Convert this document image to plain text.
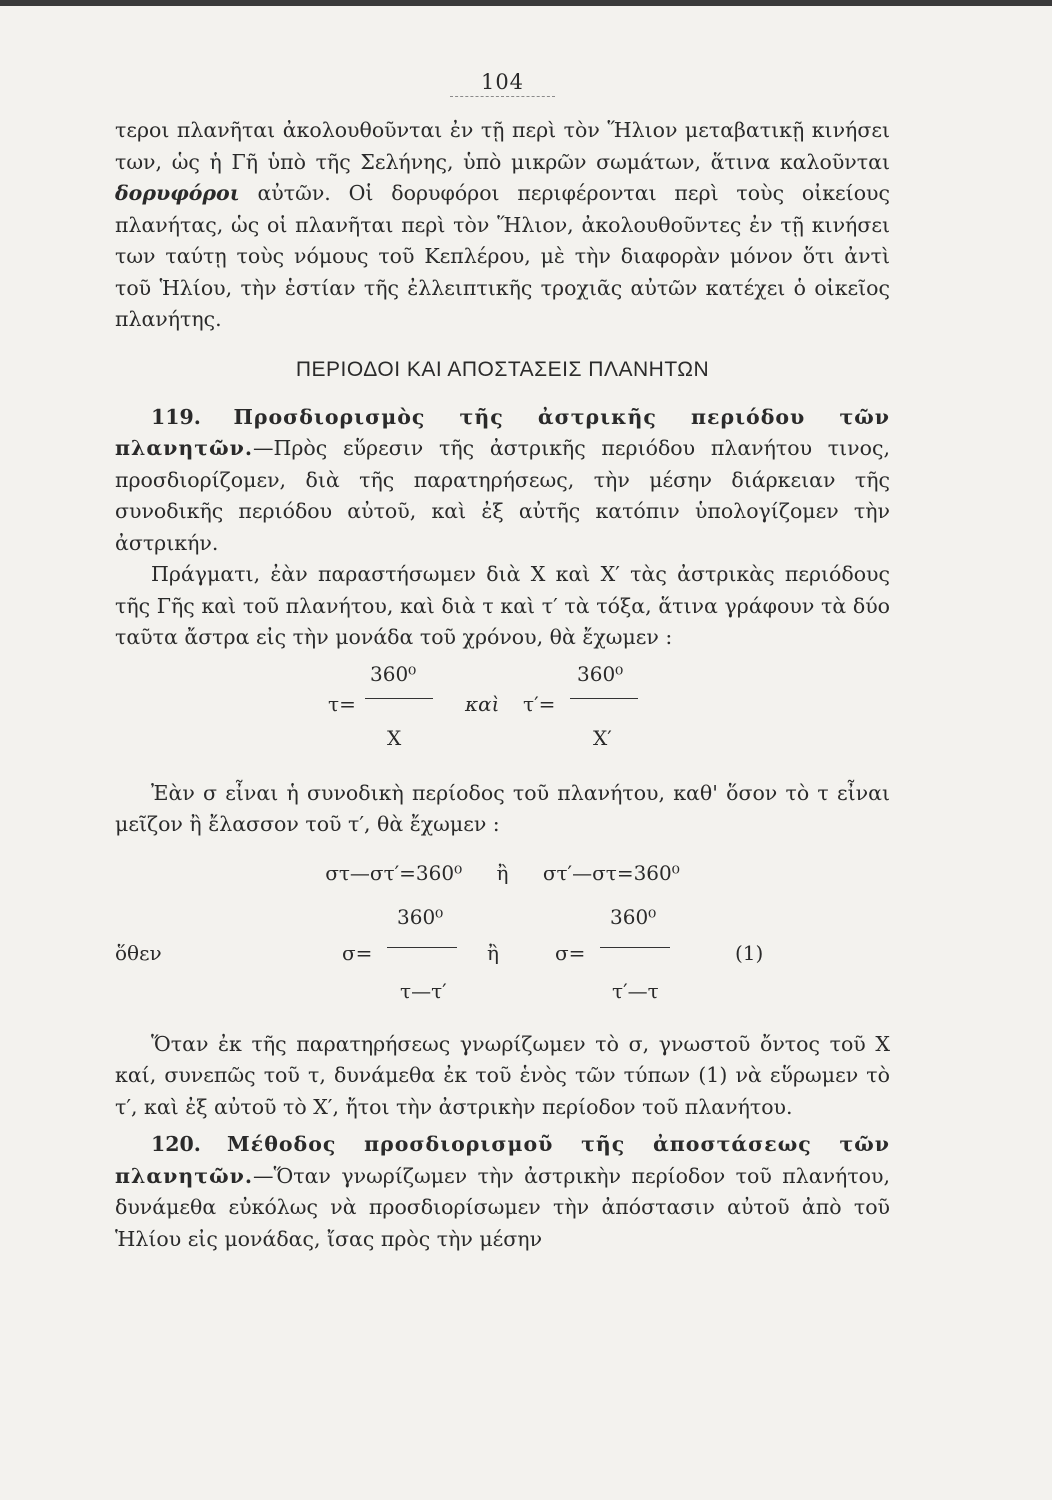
104

τεροι πλανῆται ἀκολουθοῦνται ἐν τῇ περὶ τὸν Ἥλιον μεταβατικῇ κινήσει των, ὡς ἡ Γῆ ὑπὸ τῆς Σελήνης, ὑπὸ μικρῶν σωμάτων, ἅτινα καλοῦνται δορυφόροι αὐτῶν. Οἱ δορυφόροι περιφέρονται περὶ τοὺς οἰκείους πλανήτας, ὡς οἱ πλανῆται περὶ τὸν Ἥλιον, ἀκολουθοῦντες ἐν τῇ κινήσει των ταύτῃ τοὺς νόμους τοῦ Κεπλέρου, μὲ τὴν διαφορὰν μόνον ὅτι ἀντὶ τοῦ Ἡλίου, τὴν ἑστίαν τῆς ἐλλειπτικῆς τροχιᾶς αὐτῶν κατέχει ὁ οἰκεῖος πλανήτης.

ΠΕΡΙΟΔΟΙ ΚΑΙ ΑΠΟΣΤΑΣΕΙΣ ΠΛΑΝΗΤΩΝ

119. Προσδιορισμὸς τῆς ἀστρικῆς περιόδου τῶν πλανητῶν.—Πρὸς εὕρεσιν τῆς ἀστρικῆς περιόδου πλανήτου τινος, προσδιορίζομεν, διὰ τῆς παρατηρήσεως, τὴν μέσην διάρκειαν τῆς συνοδικῆς περιόδου αὐτοῦ, καὶ ἐξ αὐτῆς κατόπιν ὑπολογίζομεν τὴν ἀστρικήν.

Πράγματι, ἐὰν παραστήσωμεν διὰ X καὶ X′ τὰς ἀστρικὰς περιόδους τῆς Γῆς καὶ τοῦ πλανήτου, καὶ διὰ τ καὶ τ′ τὰ τόξα, ἅτινα γράφουν τὰ δύο ταῦτα ἄστρα εἰς τὴν μονάδα τοῦ χρόνου, θὰ ἔχωμεν :

360⁰
τ=
X
καὶ
360⁰
τ′=
X′

Ἐὰν σ εἶναι ἡ συνοδικὴ περίοδος τοῦ πλανήτου, καθ' ὅσον τὸ τ εἶναι μεῖζον ἢ ἔλασσον τοῦ τ′, θὰ ἔχωμεν :

στ—στ′=360⁰ ἢ στ′—στ=360⁰
ὅθεν
360⁰
σ=
τ—τ′
ἢ
360⁰
σ=
τ′—τ
(1)

Ὅταν ἐκ τῆς παρατηρήσεως γνωρίζωμεν τὸ σ, γνωστοῦ ὄντος τοῦ X καί, συνεπῶς τοῦ τ, δυνάμεθα ἐκ τοῦ ἑνὸς τῶν τύπων (1) νὰ εὕρωμεν τὸ τ′, καὶ ἐξ αὐτοῦ τὸ X′, ἤτοι τὴν ἀστρικὴν περίοδον τοῦ πλανήτου.

120. Μέθοδος προσδιορισμοῦ τῆς ἀποστάσεως τῶν πλανητῶν.—Ὅταν γνωρίζωμεν τὴν ἀστρικὴν περίοδον τοῦ πλανήτου, δυνάμεθα εὐκόλως νὰ προσδιορίσωμεν τὴν ἀπόστασιν αὐτοῦ ἀπὸ τοῦ Ἡλίου εἰς μονάδας, ἴσας πρὸς τὴν μέσην
